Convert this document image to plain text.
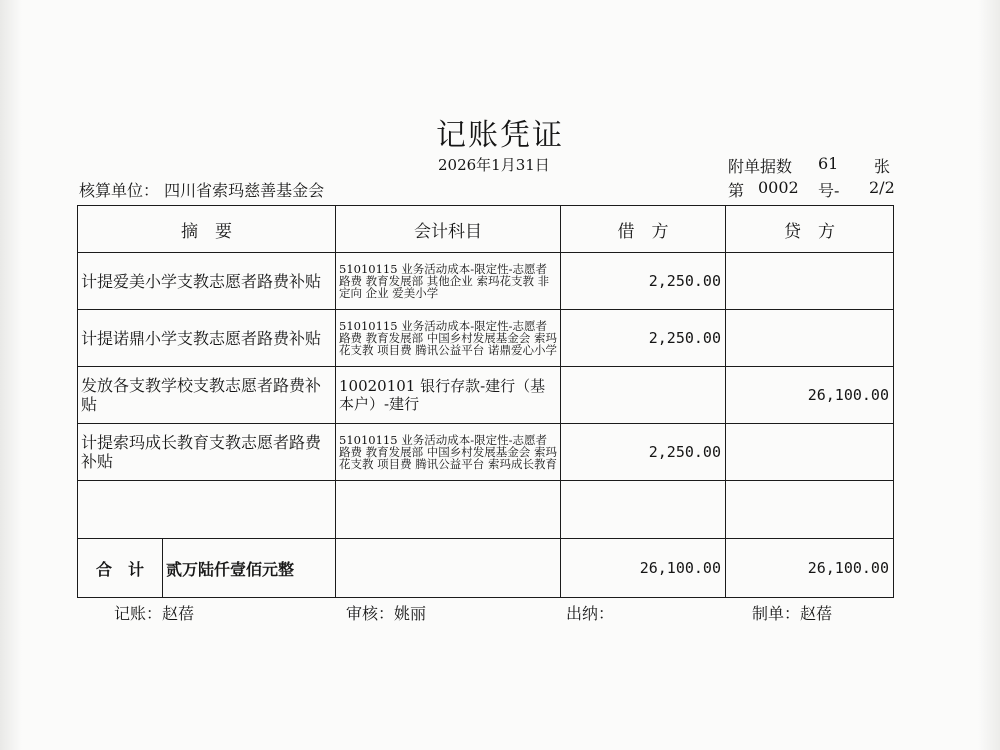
记账凭证
2026年1月31日	附单据数 61 张
核算单位： 四川省索玛慈善基金会	第 0002 号- 2/2
摘　要	会计科目	借　方	贷　方
计提爱美小学支教志愿者路费补贴	51010115 业务活动成本-限定性-志愿者路费 教育发展部 其他企业 索玛花支教 非定向 企业 爱美小学	2,250.00	
计提诺鼎小学支教志愿者路费补贴	51010115 业务活动成本-限定性-志愿者路费 教育发展部 中国乡村发展基金会 索玛花支教 项目费 腾讯公益平台 诺鼎爱心小学	2,250.00	
发放各支教学校支教志愿者路费补贴	10020101 银行存款-建行（基本户）-建行		26,100.00
计提索玛成长教育支教志愿者路费补贴	51010115 业务活动成本-限定性-志愿者路费 教育发展部 中国乡村发展基金会 索玛花支教 项目费 腾讯公益平台 索玛成长教育	2,250.00	

合　计 贰万陆仟壹佰元整		26,100.00	26,100.00
记账：赵蓓	审核：姚丽	出纳：	制单：赵蓓
